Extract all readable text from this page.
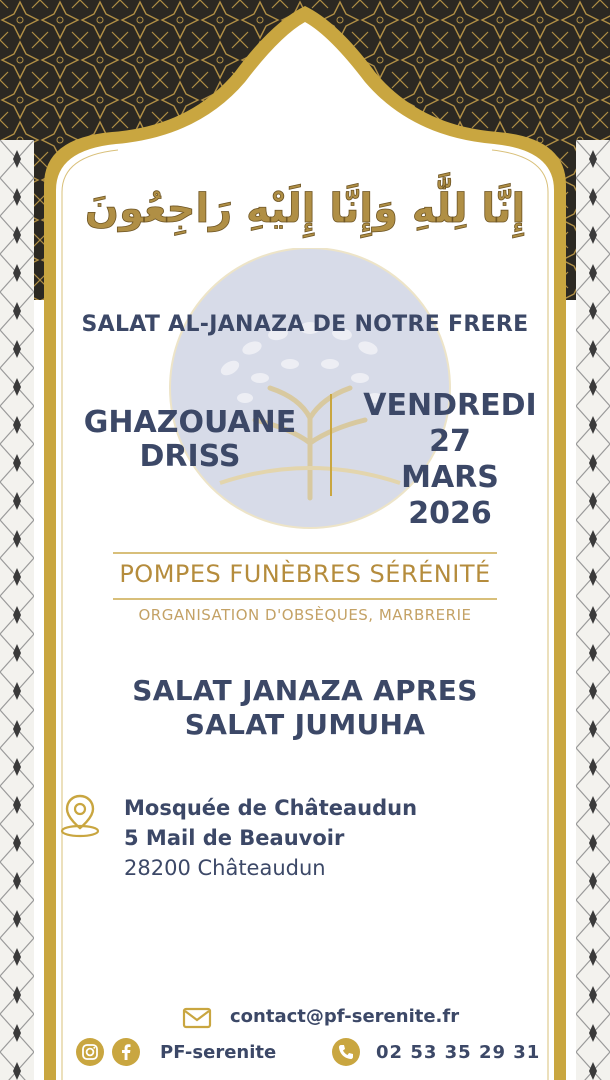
إِنَّا لِلَّٰهِ وَإِنَّا إِلَيْهِ رَاجِعُونَ
SALAT AL-JANAZA DE NOTRE FRERE
GHAZOUANE
DRISS
VENDREDI
27
MARS
2026
POMPES FUNÈBRES SÉRÉNITÉ
ORGANISATION D'OBSÈQUES, MARBRERIE
SALAT JANAZA APRES
SALAT JUMUHA
Mosquée de Châteaudun
5 Mail de Beauvoir
28200 Châteaudun
contact@pf-serenite.fr
PF-serenite	02 53 35 29 31
